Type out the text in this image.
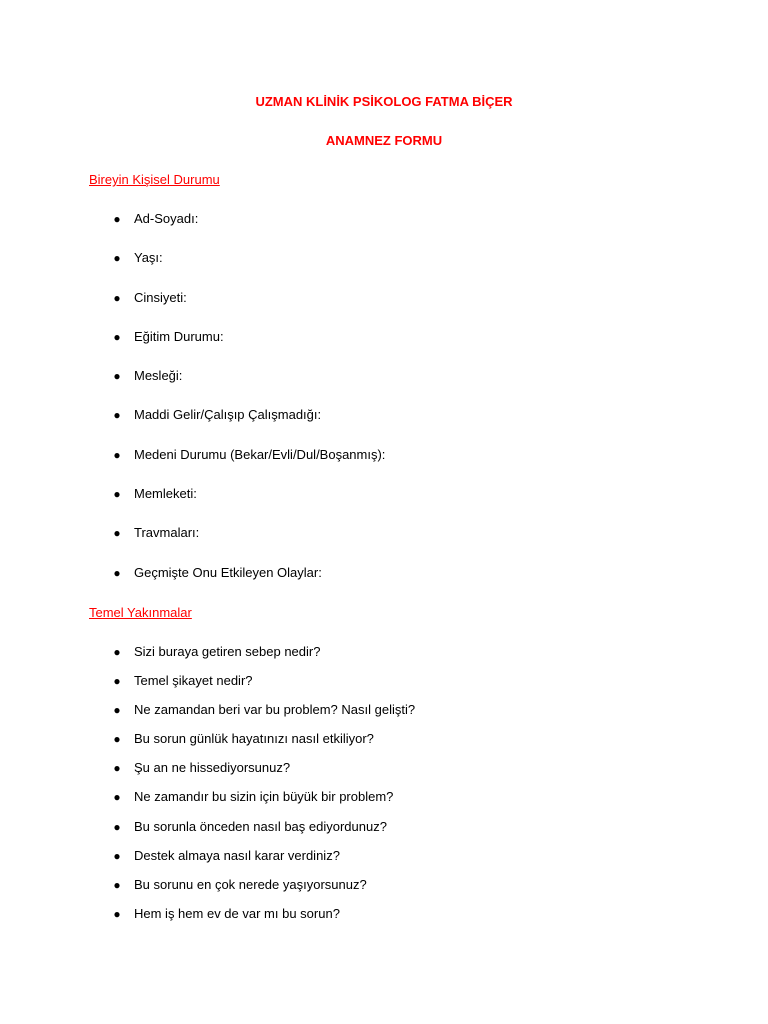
UZMAN KLİNİK PSİKOLOG FATMA BİÇER
ANAMNEZ FORMU
Bireyin Kişisel Durumu
● Ad-Soyadı:
● Yaşı:
● Cinsiyeti:
● Eğitim Durumu:
● Mesleği:
● Maddi Gelir/Çalışıp Çalışmadığı:
● Medeni Durumu (Bekar/Evli/Dul/Boşanmış):
● Memleketi:
● Travmaları:
● Geçmişte Onu Etkileyen Olaylar:
Temel Yakınmalar
● Sizi buraya getiren sebep nedir?
● Temel şikayet nedir?
● Ne zamandan beri var bu problem? Nasıl gelişti?
● Bu sorun günlük hayatınızı nasıl etkiliyor?
● Şu an ne hissediyorsunuz?
● Ne zamandır bu sizin için büyük bir problem?
● Bu sorunla önceden nasıl baş ediyordunuz?
● Destek almaya nasıl karar verdiniz?
● Bu sorunu en çok nerede yaşıyorsunuz?
● Hem iş hem ev de var mı bu sorun?
